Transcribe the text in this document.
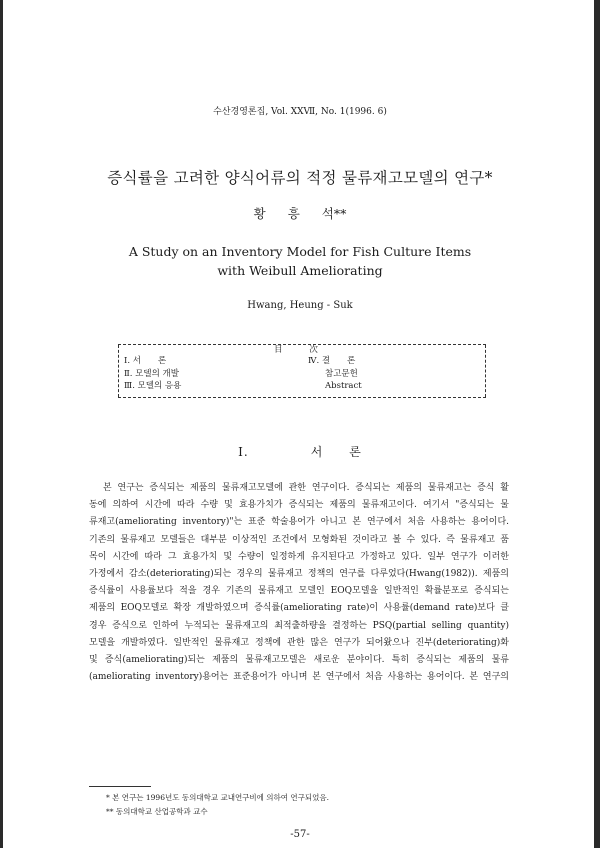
수산경영론집, Vol. ⅩⅩⅦ, No. 1(1996. 6)
증식률을 고려한 양식어류의 적정 물류재고모델의 연구*
황 흥 석**
A Study on an Inventory Model for Fish Culture Items
with Weibull Ameliorating
Hwang, Heung - Suk
目 次
Ⅰ. 서　　론
Ⅱ. 모델의 개발
Ⅲ. 모델의 응용
Ⅳ. 결　　론
참고문헌
Abstract
Ⅰ.	서　　론
본 연구는 증식되는 제품의 물류재고모델에 관한 연구이다. 증식되는 제품의 물류재고는 증식 활
동에 의하여 시간에 따라 수량 및 효용가치가 증식되는 제품의 물류재고이다. 여기서 "증식되는 물
류재고(ameliorating inventory)"는 표준 학술용어가 아니고 본 연구에서 처음 사용하는 용어이다.
기존의 물류재고 모델들은 대부분 이상적인 조건에서 모형화된 것이라고 볼 수 있다. 즉 물류재고 품
목이 시간에 따라 그 효용가치 및 수량이 일정하게 유지된다고 가정하고 있다. 일부 연구가 이러한
가정에서 감소(deteriorating)되는 경우의 물류재고 정책의 연구를 다루었다(Hwang(1982)). 제품의
증식률이 사용률보다 적을 경우 기존의 물류재고 모델인 EOQ모델을 일반적인 확률분포로 증식되는
제품의 EOQ모델로 확장 개발하였으며 증식률(ameliorating rate)이 사용률(demand rate)보다 클
경우 증식으로 인하여 누적되는 물류재고의 최적출하량을 결정하는 PSQ(partial selling quantity)
모델을 개발하였다. 일반적인 물류재고 정책에 관한 많은 연구가 되어왔으나 진부(deteriorating)화
및 증식(ameliorating)되는 제품의 물류재고모델은 새로운 분야이다. 특히 증식되는 제품의 물류
(ameliorating inventory)용어는 표준용어가 아니며 본 연구에서 처음 사용하는 용어이다. 본 연구의
* 본 연구는 1996년도 동의대학교 교내연구비에 의하여 연구되었음.
** 동의대학교 산업공학과 교수
-57-
